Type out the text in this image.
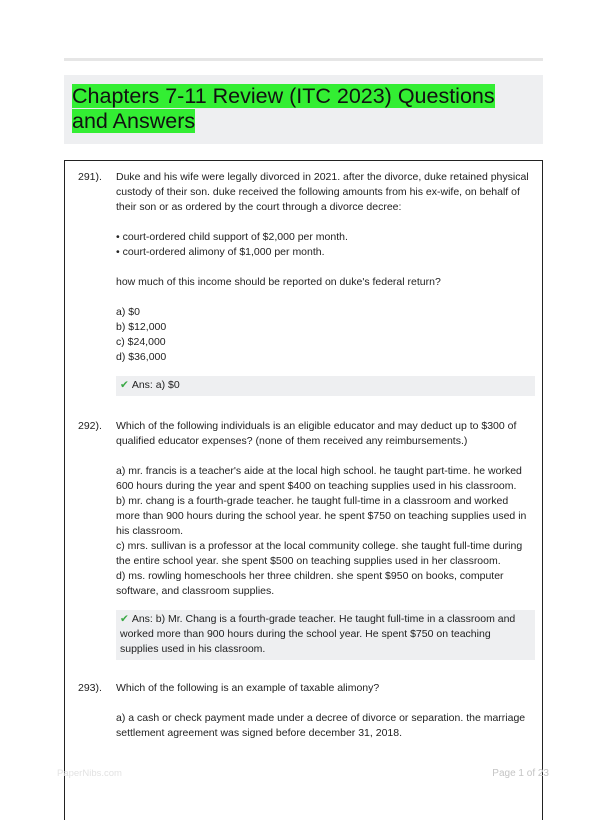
Chapters 7-11 Review (ITC 2023) Questions and Answers
291). Duke and his wife were legally divorced in 2021. after the divorce, duke retained physical custody of their son. duke received the following amounts from his ex-wife, on behalf of their son or as ordered by the court through a divorce decree:

• court-ordered child support of $2,000 per month.

• court-ordered alimony of $1,000 per month.

how much of this income should be reported on duke's federal return?

a) $0

b) $12,000

c) $24,000

d) $36,000

✔ Ans: a) $0
292). Which of the following individuals is an eligible educator and may deduct up to $300 of qualified educator expenses? (none of them received any reimbursements.)

a) mr. francis is a teacher's aide at the local high school. he taught part-time. he worked 600 hours during the year and spent $400 on teaching supplies used in his classroom.

b) mr. chang is a fourth-grade teacher. he taught full-time in a classroom and worked more than 900 hours during the school year. he spent $750 on teaching supplies used in his classroom.

c) mrs. sullivan is a professor at the local community college. she taught full-time during the entire school year. she spent $500 on teaching supplies used in her classroom.

d) ms. rowling homeschools her three children. she spent $950 on books, computer software, and classroom supplies.

✔ Ans: b) Mr. Chang is a fourth-grade teacher. He taught full-time in a classroom and worked more than 900 hours during the school year. He spent $750 on teaching supplies used in his classroom.
293). Which of the following is an example of taxable alimony?

a) a cash or check payment made under a decree of divorce or separation. the marriage settlement agreement was signed before december 31, 2018.

PaperNibs.com	Page 1 of 23
